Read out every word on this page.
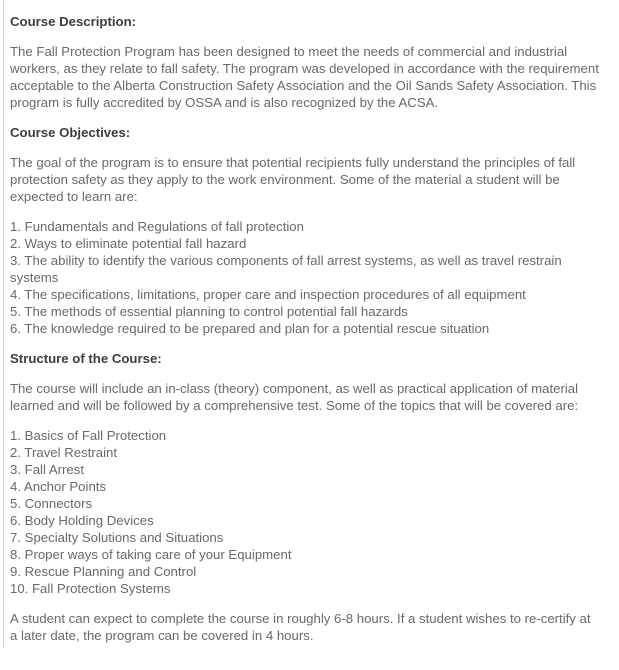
Course Description:

The Fall Protection Program has been designed to meet the needs of commercial and industrial
workers, as they relate to fall safety. The program was developed in accordance with the requirement
acceptable to the Alberta Construction Safety Association and the Oil Sands Safety Association. This
program is fully accredited by OSSA and is also recognized by the ACSA.

Course Objectives:

The goal of the program is to ensure that potential recipients fully understand the principles of fall
protection safety as they apply to the work environment. Some of the material a student will be
expected to learn are:

1. Fundamentals and Regulations of fall protection
2. Ways to eliminate potential fall hazard
3. The ability to identify the various components of fall arrest systems, as well as travel restrain
systems
4. The specifications, limitations, proper care and inspection procedures of all equipment
5. The methods of essential planning to control potential fall hazards
6. The knowledge required to be prepared and plan for a potential rescue situation

Structure of the Course:

The course will include an in-class (theory) component, as well as practical application of material
learned and will be followed by a comprehensive test. Some of the topics that will be covered are:

1. Basics of Fall Protection
2. Travel Restraint
3. Fall Arrest
4. Anchor Points
5. Connectors
6. Body Holding Devices
7. Specialty Solutions and Situations
8. Proper ways of taking care of your Equipment
9. Rescue Planning and Control
10. Fall Protection Systems

A student can expect to complete the course in roughly 6-8 hours. If a student wishes to re-certify at
a later date, the program can be covered in 4 hours.
